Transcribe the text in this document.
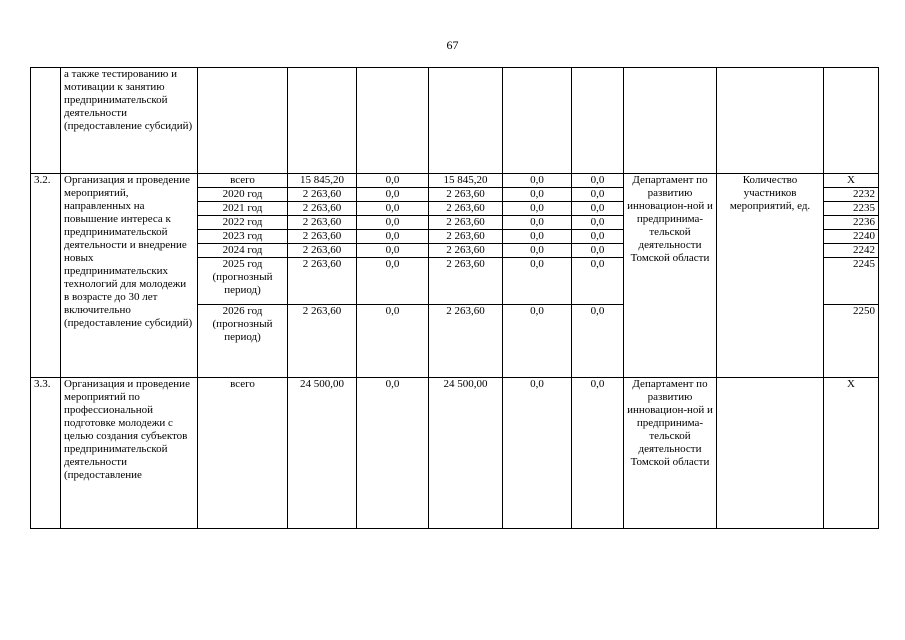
67
	а также тестированию и мотивации к занятию предпринимательской деятельности (предоставление субсидий)									
3.2.	Организация и проведение мероприятий, направленных на повышение интереса к предпринимательской деятельности и внедрение новых предпринимательских технологий для молодежи в возрасте до 30 лет включительно (предоставление субсидий)	всего	15 845,20	0,0	15 845,20	0,0	0,0	Департамент по развитию инновацион-ной и предпринима-тельской деятельности Томской области	Количество участников мероприятий, ед.	Х
		2020 год	2 263,60	0,0	2 263,60	0,0	0,0			2232
		2021 год	2 263,60	0,0	2 263,60	0,0	0,0			2235
		2022 год	2 263,60	0,0	2 263,60	0,0	0,0			2236
		2023 год	2 263,60	0,0	2 263,60	0,0	0,0			2240
		2024 год	2 263,60	0,0	2 263,60	0,0	0,0			2242
		2025 год (прогнозный период)	2 263,60	0,0	2 263,60	0,0	0,0			2245
		2026 год (прогнозный период)	2 263,60	0,0	2 263,60	0,0	0,0			2250
3.3.	Организация и проведение мероприятий по профессиональной подготовке молодежи с целью создания субъектов предпринимательской деятельности (предоставление	всего	24 500,00	0,0	24 500,00	0,0	0,0	Департамент по развитию инновацион-ной и предпринима-тельской деятельности Томской области		Х
